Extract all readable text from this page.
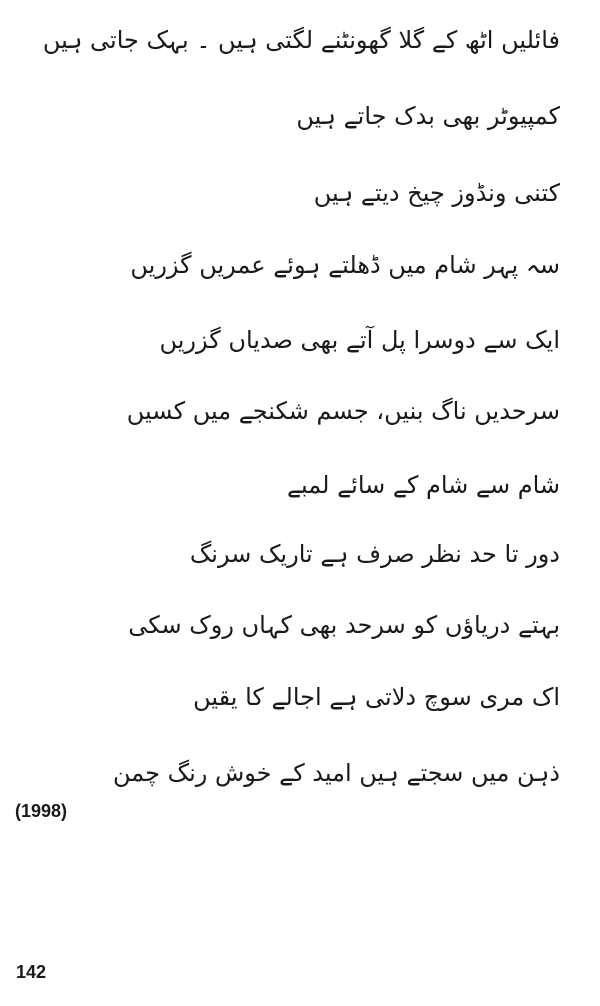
فائلیں اٹھ کے گلا گھونٹنے لگتی ہیں ۔ بہک جاتی ہیں

کمپیوٹر بھی بدک جاتے ہیں

کتنی ونڈوز چیخ دیتے ہیں

سہ پہر شام میں ڈھلتے ہوئے عمریں گزریں

ایک سے دوسرا پل آتے بھی صدیاں گزریں

سرحدیں ناگ بنیں، جسم شکنجے میں کسیں

شام سے شام کے سائے لمبے

دور تا حد نظر صرف ہے تاریک سرنگ

بہتے دریاؤں کو سرحد بھی کہاں روک سکی

اک مری سوچ دلاتی ہے اجالے کا یقیں

ذہن میں سجتے ہیں امید کے خوش رنگ چمن

(1998)

142
